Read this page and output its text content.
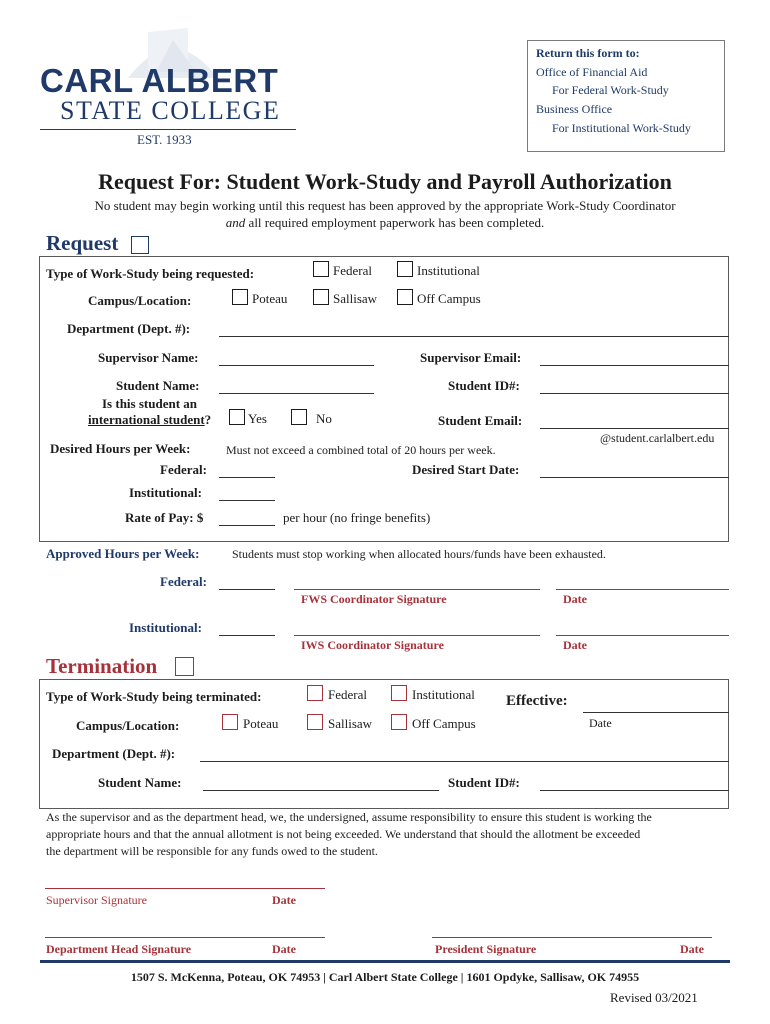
CARL ALBERT
STATE COLLEGE
EST. 1933
Return this form to:
Office of Financial Aid
For Federal Work-Study
Business Office
For Institutional Work-Study
Request For: Student Work-Study and Payroll Authorization
No student may begin working until this request has been approved by the appropriate Work-Study Coordinator
and all required employment paperwork has been completed.
Request
Type of Work-Study being requested:	Federal	Institutional
Campus/Location:	Poteau	Sallisaw	Off Campus
Department (Dept. #):
Supervisor Name:	Supervisor Email:
Student Name:	Student ID#:
Is this student an
international student?	Yes	No	Student Email:
@student.carlalbert.edu
Desired Hours per Week:	Must not exceed a combined total of 20 hours per week.
Federal:	Desired Start Date:
Institutional:
Rate of Pay: $	per hour (no fringe benefits)
Approved Hours per Week:	Students must stop working when allocated hours/funds have been exhausted.
Federal:
FWS Coordinator Signature	Date
Institutional:
IWS Coordinator Signature	Date
Termination
Type of Work-Study being terminated:	Federal	Institutional Effective:
Date
Campus/Location:	Poteau	Sallisaw	Off Campus
Department (Dept. #):
Student Name:	Student ID#:
As the supervisor and as the department head, we, the undersigned, assume responsibility to ensure this student is working the
appropriate hours and that the annual allotment is not being exceeded. We understand that should the allotment be exceeded
the department will be responsible for any funds owed to the student.
Supervisor Signature	Date
Department Head Signature	Date	President Signature	Date
1507 S. McKenna, Poteau, OK 74953 | Carl Albert State College | 1601 Opdyke, Sallisaw, OK 74955
Revised 03/2021
